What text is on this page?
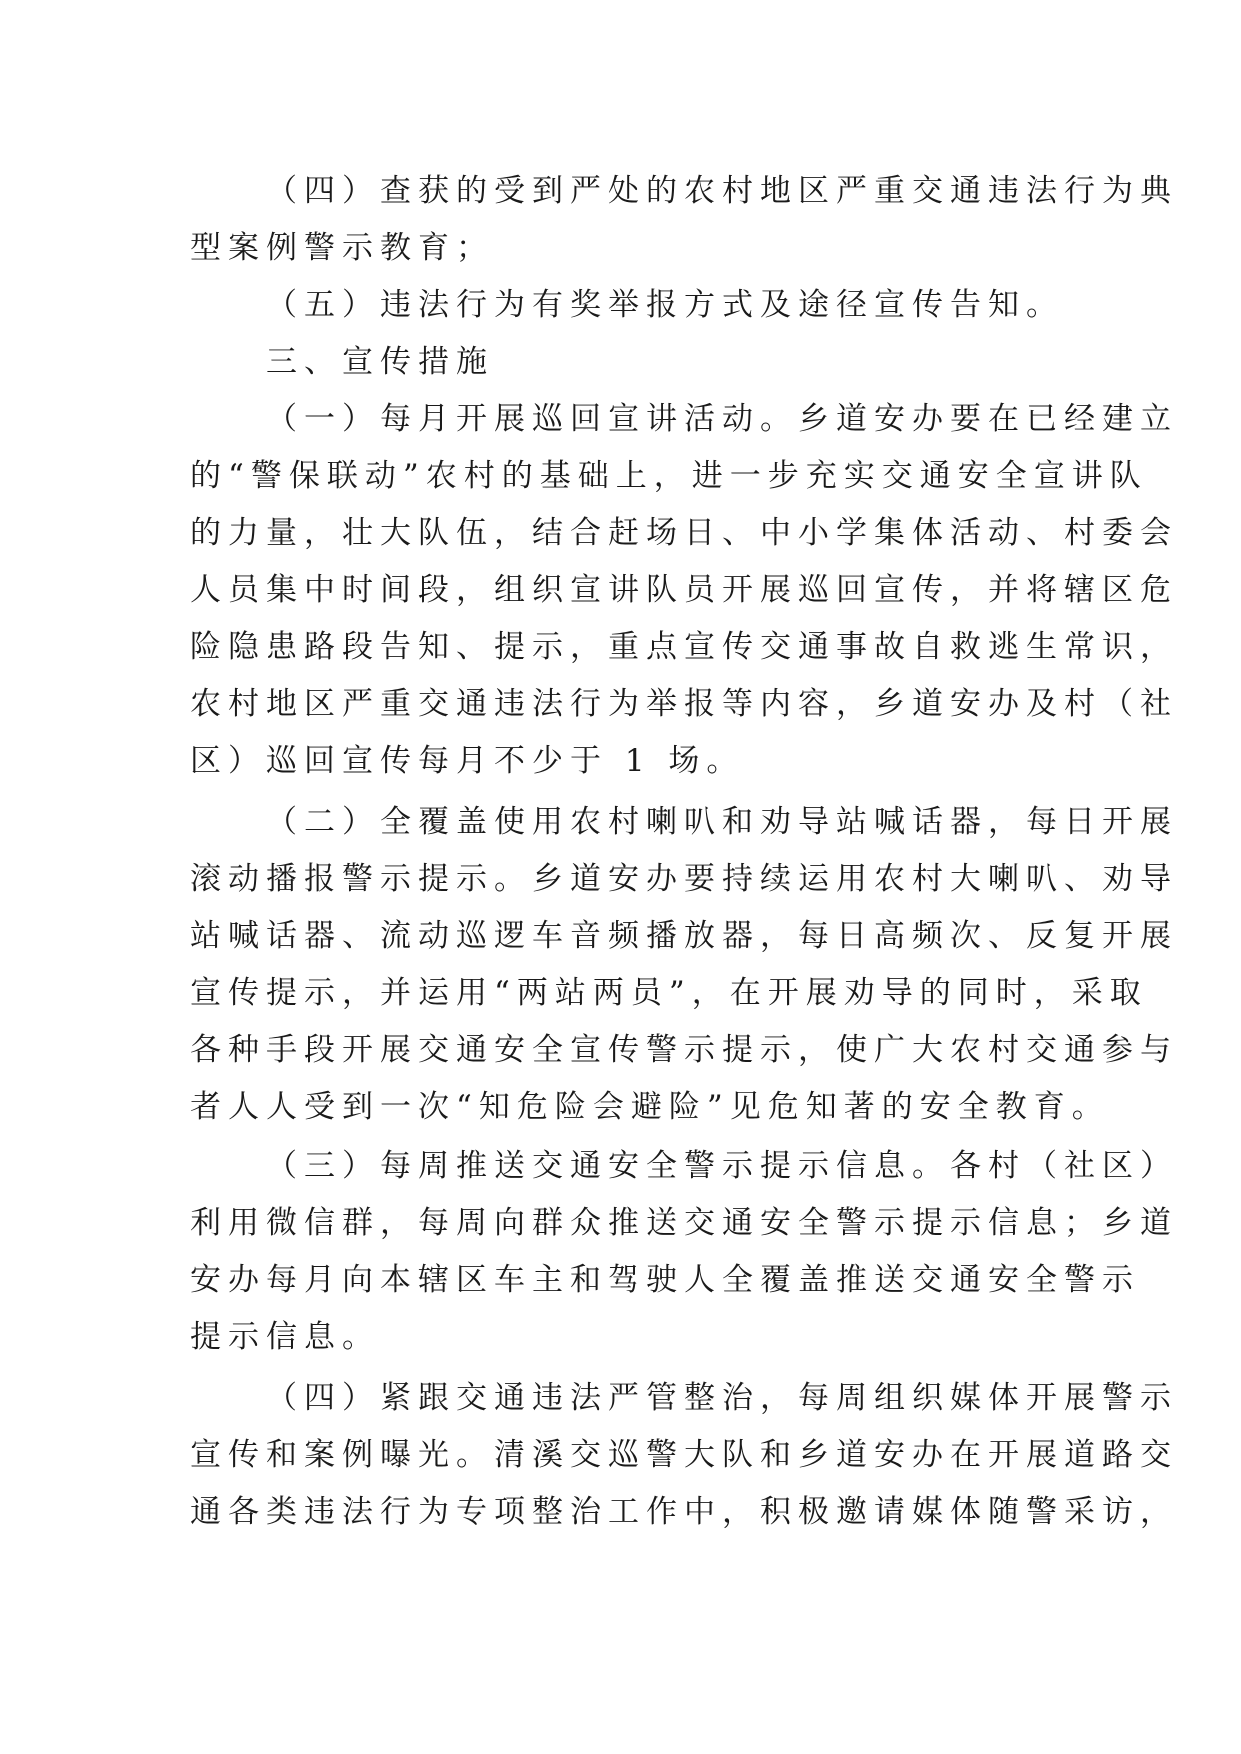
（四）查获的受到严处的农村地区严重交通违法行为典
型案例警示教育；

（五）违法行为有奖举报方式及途径宣传告知。

三、宣传措施

（一）每月开展巡回宣讲活动。乡道安办要在已经建立
的“警保联动”农村的基础上，进一步充实交通安全宣讲队
的力量，壮大队伍，结合赶场日、中小学集体活动、村委会
人员集中时间段，组织宣讲队员开展巡回宣传，并将辖区危
险隐患路段告知、提示，重点宣传交通事故自救逃生常识，
农村地区严重交通违法行为举报等内容，乡道安办及村（社
区）巡回宣传每月不少于 1 场。

（二）全覆盖使用农村喇叭和劝导站喊话器，每日开展
滚动播报警示提示。乡道安办要持续运用农村大喇叭、劝导
站喊话器、流动巡逻车音频播放器，每日高频次、反复开展
宣传提示，并运用“两站两员”，在开展劝导的同时，采取
各种手段开展交通安全宣传警示提示，使广大农村交通参与
者人人受到一次“知危险会避险”见危知著的安全教育。

（三）每周推送交通安全警示提示信息。各村（社区）
利用微信群，每周向群众推送交通安全警示提示信息；乡道
安办每月向本辖区车主和驾驶人全覆盖推送交通安全警示
提示信息。

（四）紧跟交通违法严管整治，每周组织媒体开展警示
宣传和案例曝光。清溪交巡警大队和乡道安办在开展道路交
通各类违法行为专项整治工作中，积极邀请媒体随警采访，
